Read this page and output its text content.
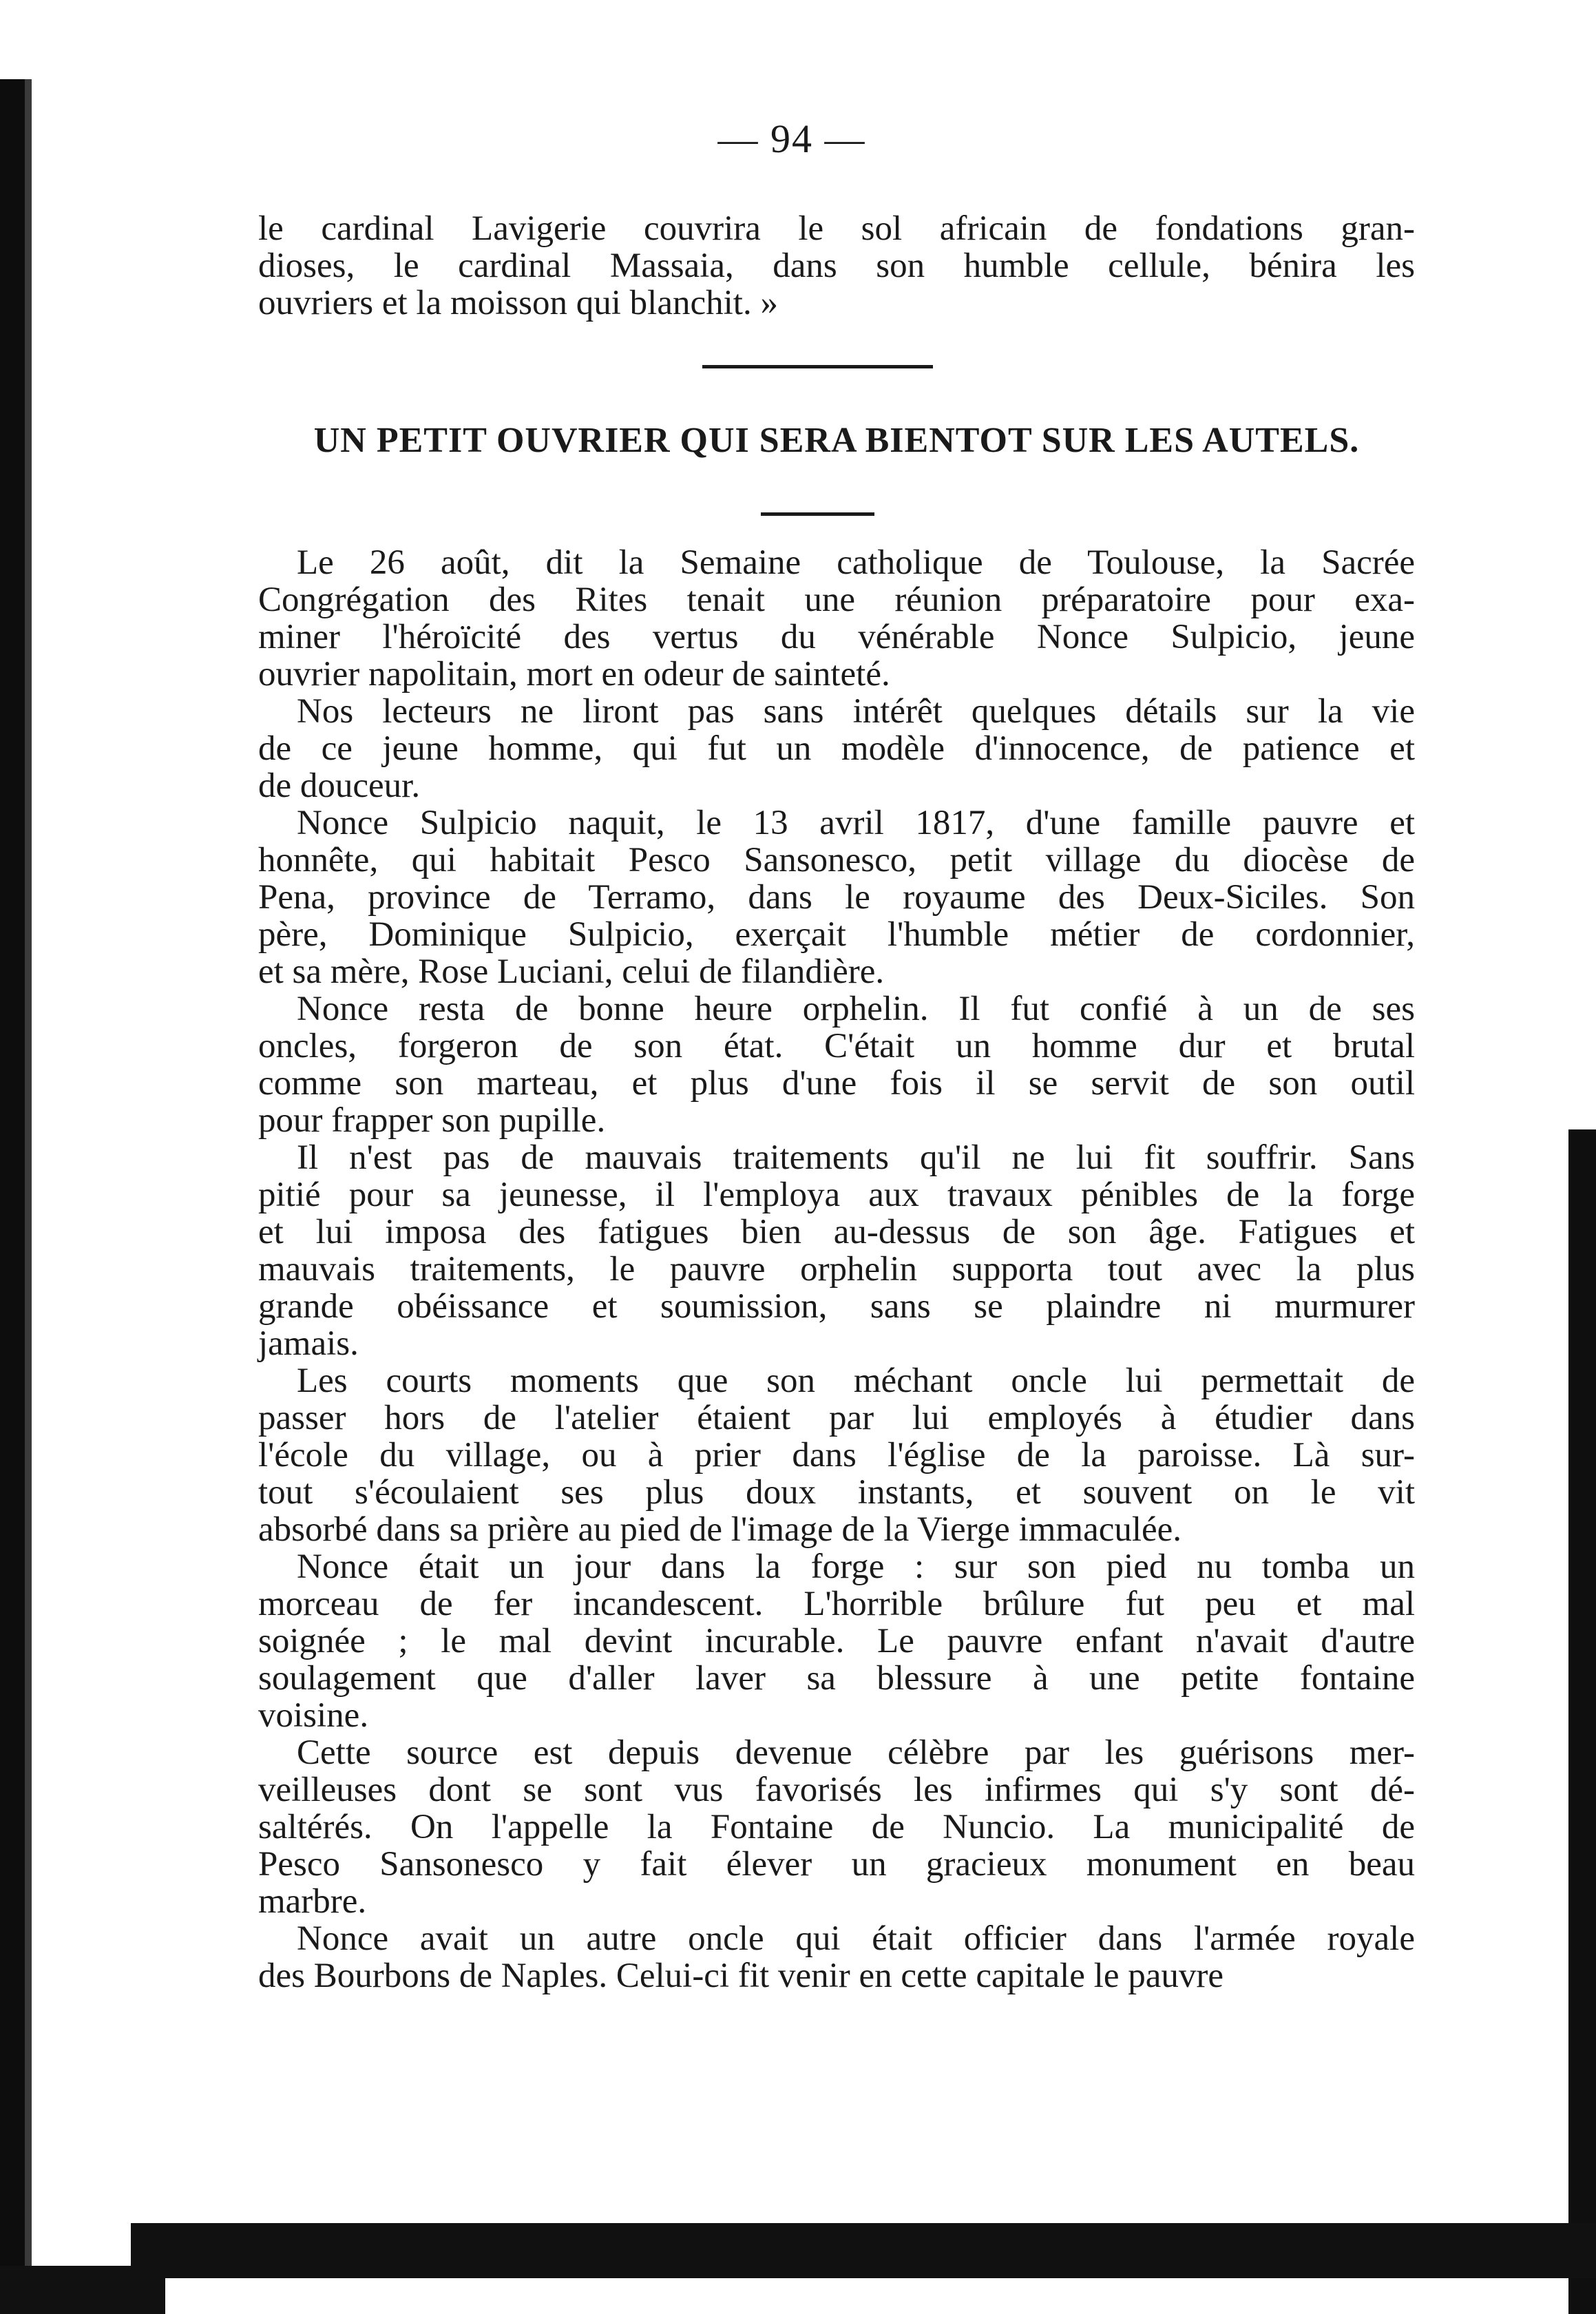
— 94 —
le cardinal Lavigerie couvrira le sol africain de fondations gran-
dioses, le cardinal Massaia, dans son humble cellule, bénira les
ouvriers et la moisson qui blanchit. »
UN PETIT OUVRIER QUI SERA BIENTOT SUR LES AUTELS.
Le 26 août, dit la Semaine catholique de Toulouse, la Sacrée
Congrégation des Rites tenait une réunion préparatoire pour exa-
miner l'héroïcité des vertus du vénérable Nonce Sulpicio, jeune
ouvrier napolitain, mort en odeur de sainteté.
Nos lecteurs ne liront pas sans intérêt quelques détails sur la vie
de ce jeune homme, qui fut un modèle d'innocence, de patience et
de douceur.
Nonce Sulpicio naquit, le 13 avril 1817, d'une famille pauvre et
honnête, qui habitait Pesco Sansonesco, petit village du diocèse de
Pena, province de Terramo, dans le royaume des Deux-Siciles. Son
père, Dominique Sulpicio, exerçait l'humble métier de cordonnier,
et sa mère, Rose Luciani, celui de filandière.
Nonce resta de bonne heure orphelin. Il fut confié à un de ses
oncles, forgeron de son état. C'était un homme dur et brutal
comme son marteau, et plus d'une fois il se servit de son outil
pour frapper son pupille.
Il n'est pas de mauvais traitements qu'il ne lui fit souffrir. Sans
pitié pour sa jeunesse, il l'employa aux travaux pénibles de la forge
et lui imposa des fatigues bien au-dessus de son âge. Fatigues et
mauvais traitements, le pauvre orphelin supporta tout avec la plus
grande obéissance et soumission, sans se plaindre ni murmurer
jamais.
Les courts moments que son méchant oncle lui permettait de
passer hors de l'atelier étaient par lui employés à étudier dans
l'école du village, ou à prier dans l'église de la paroisse. Là sur-
tout s'écoulaient ses plus doux instants, et souvent on le vit
absorbé dans sa prière au pied de l'image de la Vierge immaculée.
Nonce était un jour dans la forge : sur son pied nu tomba un
morceau de fer incandescent. L'horrible brûlure fut peu et mal
soignée ; le mal devint incurable. Le pauvre enfant n'avait d'autre
soulagement que d'aller laver sa blessure à une petite fontaine
voisine.
Cette source est depuis devenue célèbre par les guérisons mer-
veilleuses dont se sont vus favorisés les infirmes qui s'y sont dé-
saltérés. On l'appelle la Fontaine de Nuncio. La municipalité de
Pesco Sansonesco y fait élever un gracieux monument en beau
marbre.
Nonce avait un autre oncle qui était officier dans l'armée royale
des Bourbons de Naples. Celui-ci fit venir en cette capitale le pauvre
